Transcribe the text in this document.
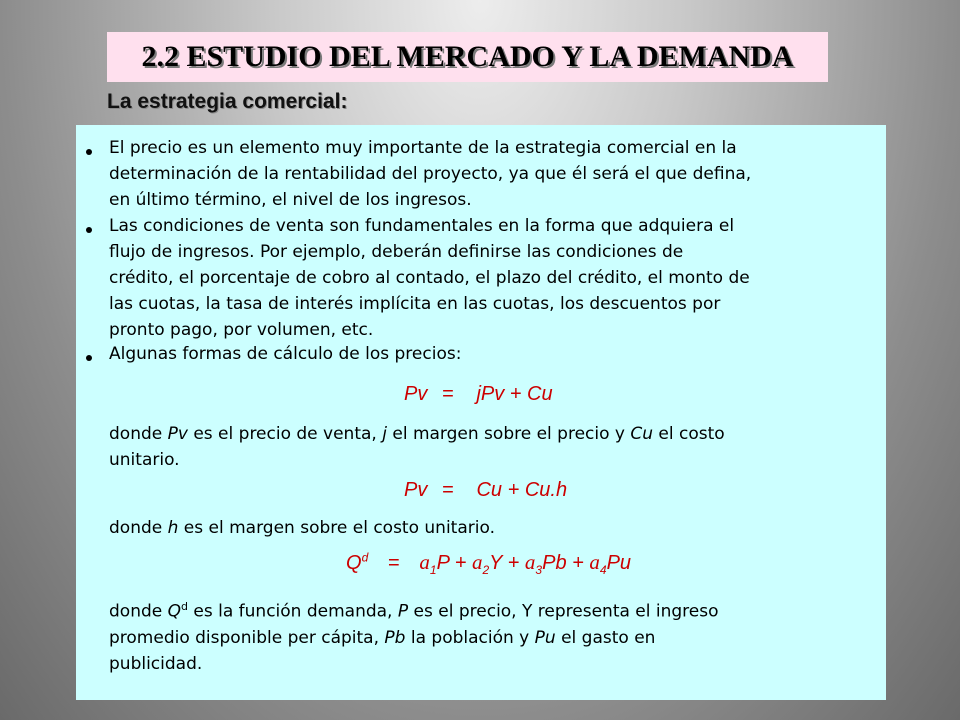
2.2 ESTUDIO DEL MERCADO Y LA DEMANDA
La estrategia comercial:

El precio es un elemento muy importante de la estrategia comercial en la
determinación de la rentabilidad del proyecto, ya que él será el que defina,
en último término, el nivel de los ingresos.

Las condiciones de venta son fundamentales en la forma que adquiera el
flujo de ingresos. Por ejemplo, deberán definirse las condiciones de
crédito, el porcentaje de cobro al contado, el plazo del crédito, el monto de
las cuotas, la tasa de interés implícita en las cuotas, los descuentos por
pronto pago, por volumen, etc.

Algunas formas de cálculo de los precios:

Pv = jPv + Cu

donde Pv es el precio de venta, j el margen sobre el precio y Cu el costo
unitario.

Pv = Cu + Cu.h

donde h es el margen sobre el costo unitario.

$Q^d = a_1P + a_2Y + a_3Pb + a_4Pu$

donde $Q^d$ es la función demanda, P es el precio, Y representa el ingreso
promedio disponible per cápita, Pb la población y Pu el gasto en
publicidad.
